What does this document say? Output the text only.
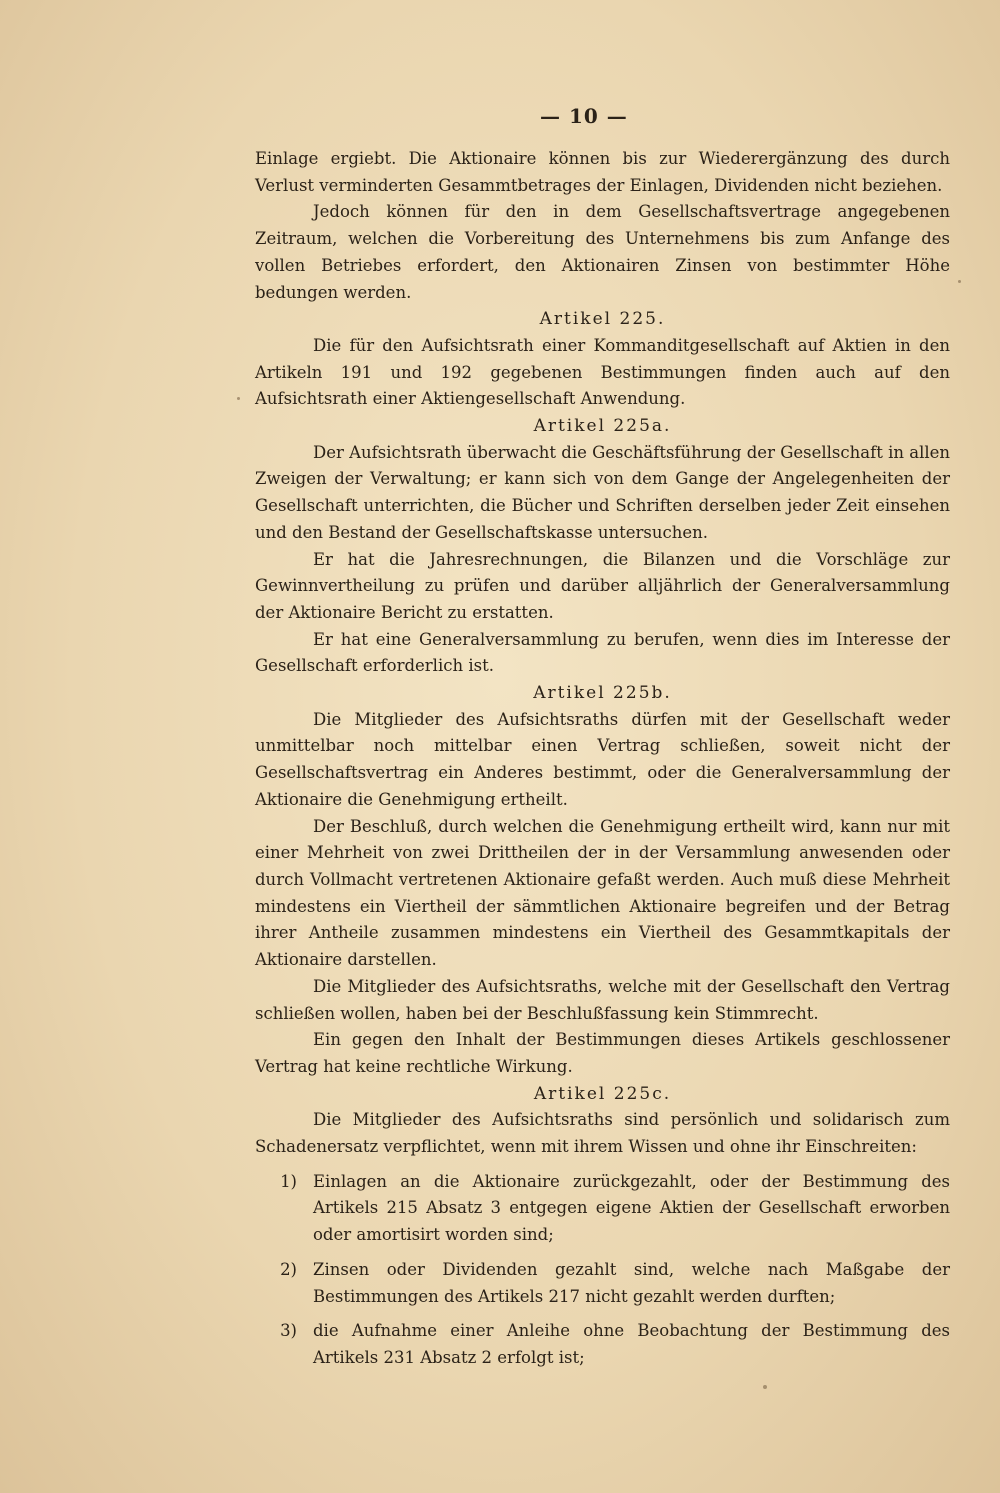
— 10 —

Einlage ergiebt. Die Aktionaire können bis zur Wiederergänzung des durch Verlust verminderten Gesammtbetrages der Einlagen, Dividenden nicht beziehen.

Jedoch können für den in dem Gesellschaftsvertrage angegebenen Zeitraum, welchen die Vorbereitung des Unternehmens bis zum Anfange des vollen Betriebes erfordert, den Aktionairen Zinsen von bestimmter Höhe bedungen werden.

Artikel 225.

Die für den Aufsichtsrath einer Kommanditgesellschaft auf Aktien in den Artikeln 191 und 192 gegebenen Bestimmungen finden auch auf den Aufsichtsrath einer Aktiengesellschaft Anwendung.

Artikel 225a.

Der Aufsichtsrath überwacht die Geschäftsführung der Gesellschaft in allen Zweigen der Verwaltung; er kann sich von dem Gange der Angelegenheiten der Gesellschaft unterrichten, die Bücher und Schriften derselben jeder Zeit einsehen und den Bestand der Gesellschaftskasse untersuchen.

Er hat die Jahresrechnungen, die Bilanzen und die Vorschläge zur Gewinnvertheilung zu prüfen und darüber alljährlich der Generalversammlung der Aktionaire Bericht zu erstatten.

Er hat eine Generalversammlung zu berufen, wenn dies im Interesse der Gesellschaft erforderlich ist.

Artikel 225b.

Die Mitglieder des Aufsichtsraths dürfen mit der Gesellschaft weder unmittelbar noch mittelbar einen Vertrag schließen, soweit nicht der Gesellschaftsvertrag ein Anderes bestimmt, oder die Generalversammlung der Aktionaire die Genehmigung ertheilt.

Der Beschluß, durch welchen die Genehmigung ertheilt wird, kann nur mit einer Mehrheit von zwei Drittheilen der in der Versammlung anwesenden oder durch Vollmacht vertretenen Aktionaire gefaßt werden. Auch muß diese Mehrheit mindestens ein Viertheil der sämmtlichen Aktionaire begreifen und der Betrag ihrer Antheile zusammen mindestens ein Viertheil des Gesammtkapitals der Aktionaire darstellen.

Die Mitglieder des Aufsichtsraths, welche mit der Gesellschaft den Vertrag schließen wollen, haben bei der Beschlußfassung kein Stimmrecht.

Ein gegen den Inhalt der Bestimmungen dieses Artikels geschlossener Vertrag hat keine rechtliche Wirkung.

Artikel 225c.

Die Mitglieder des Aufsichtsraths sind persönlich und solidarisch zum Schadenersatz verpflichtet, wenn mit ihrem Wissen und ohne ihr Einschreiten:

1) Einlagen an die Aktionaire zurückgezahlt, oder der Bestimmung des Artikels 215 Absatz 3 entgegen eigene Aktien der Gesellschaft erworben oder amortisirt worden sind;
2) Zinsen oder Dividenden gezahlt sind, welche nach Maßgabe der Bestimmungen des Artikels 217 nicht gezahlt werden durften;
3) die Aufnahme einer Anleihe ohne Beobachtung der Bestimmung des Artikels 231 Absatz 2 erfolgt ist;
